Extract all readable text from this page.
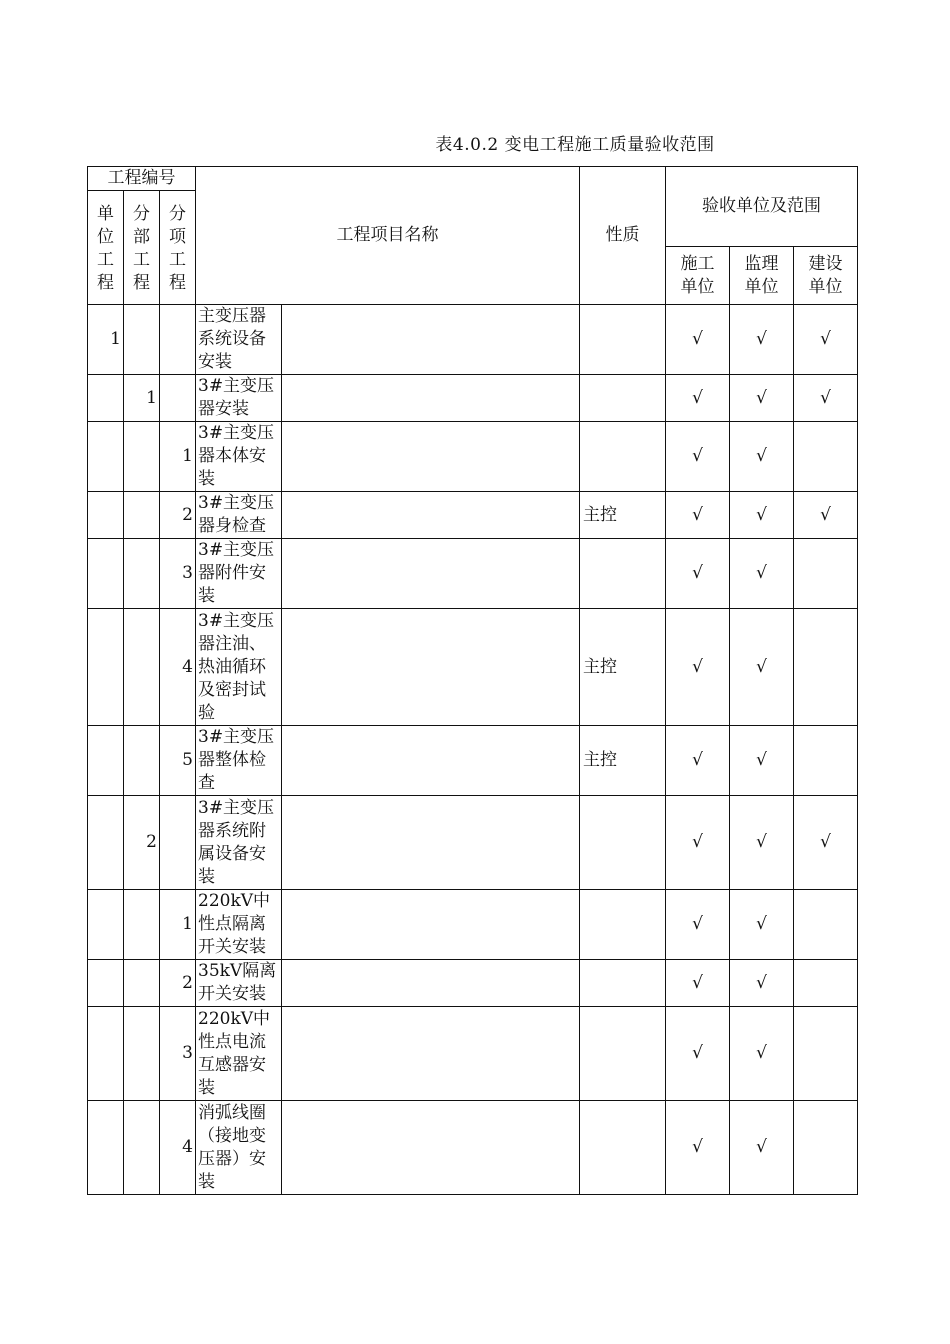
表4.0.2 变电工程施工质量验收范围
工程编号			工程项目名称		性质	验收单位及范围		

单位工程	分部工程	分项工程						

						施工单位	监理单位	建设单位

1			主变压器系统设备安装			√	√	√
	1		3#主变压器安装			√	√	√
		1	3#主变压器本体安装			√	√	
		2	3#主变压器身检查		主控	√	√	√
		3	3#主变压器附件安装			√	√	
		4	3#主变压器注油、热油循环及密封试验		主控	√	√	
		5	3#主变压器整体检查		主控	√	√	
	2		3#主变压器系统附属设备安装			√	√	√
		1	220kV中性点隔离开关安装			√	√	
		2	35kV隔离开关安装			√	√	
		3	220kV中性点电流互感器安装			√	√	
		4	消弧线圈（接地变压器）安装			√	√	
